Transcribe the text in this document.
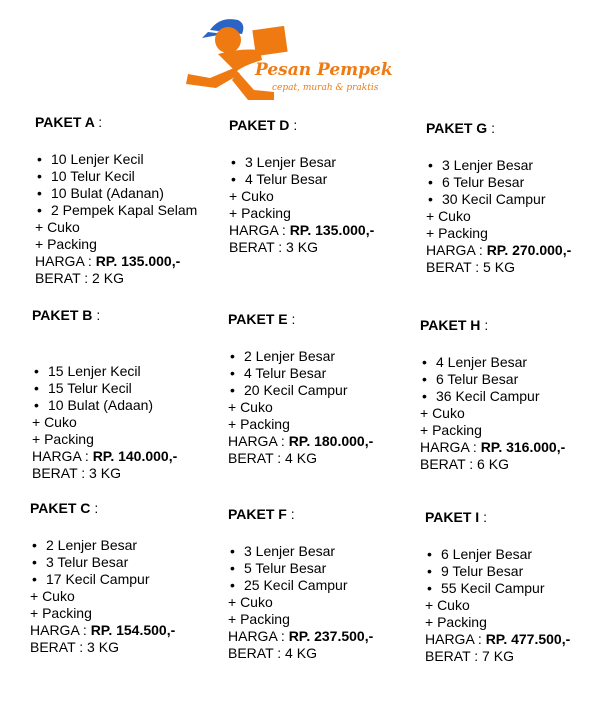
Pesan Pempek
cepat, murah & praktis
PAKET A :
• 10 Lenjer Kecil
• 10 Telur Kecil
• 10 Bulat (Adanan)
• 2 Pempek Kapal Selam
+ Cuko
+ Packing
HARGA : RP. 135.000,-
BERAT : 2 KG
PAKET B :
• 15 Lenjer Kecil
• 15 Telur Kecil
• 10 Bulat (Adaan)
+ Cuko
+ Packing
HARGA : RP. 140.000,-
BERAT : 3 KG
PAKET C :
• 2 Lenjer Besar
• 3 Telur Besar
• 17 Kecil Campur
+ Cuko
+ Packing
HARGA : RP. 154.500,-
BERAT : 3 KG
PAKET D :
• 3 Lenjer Besar
• 4 Telur Besar
+ Cuko
+ Packing
HARGA : RP. 135.000,-
BERAT : 3 KG
PAKET E :
• 2 Lenjer Besar
• 4 Telur Besar
• 20 Kecil Campur
+ Cuko
+ Packing
HARGA : RP. 180.000,-
BERAT : 4 KG
PAKET F :
• 3 Lenjer Besar
• 5 Telur Besar
• 25 Kecil Campur
+ Cuko
+ Packing
HARGA : RP. 237.500,-
BERAT : 4 KG
PAKET G :
• 3 Lenjer Besar
• 6 Telur Besar
• 30 Kecil Campur
+ Cuko
+ Packing
HARGA : RP. 270.000,-
BERAT : 5 KG
PAKET H :
• 4 Lenjer Besar
• 6 Telur Besar
• 36 Kecil Campur
+ Cuko
+ Packing
HARGA : RP. 316.000,-
BERAT : 6 KG
PAKET I :
• 6 Lenjer Besar
• 9 Telur Besar
• 55 Kecil Campur
+ Cuko
+ Packing
HARGA : RP. 477.500,-
BERAT : 7 KG
